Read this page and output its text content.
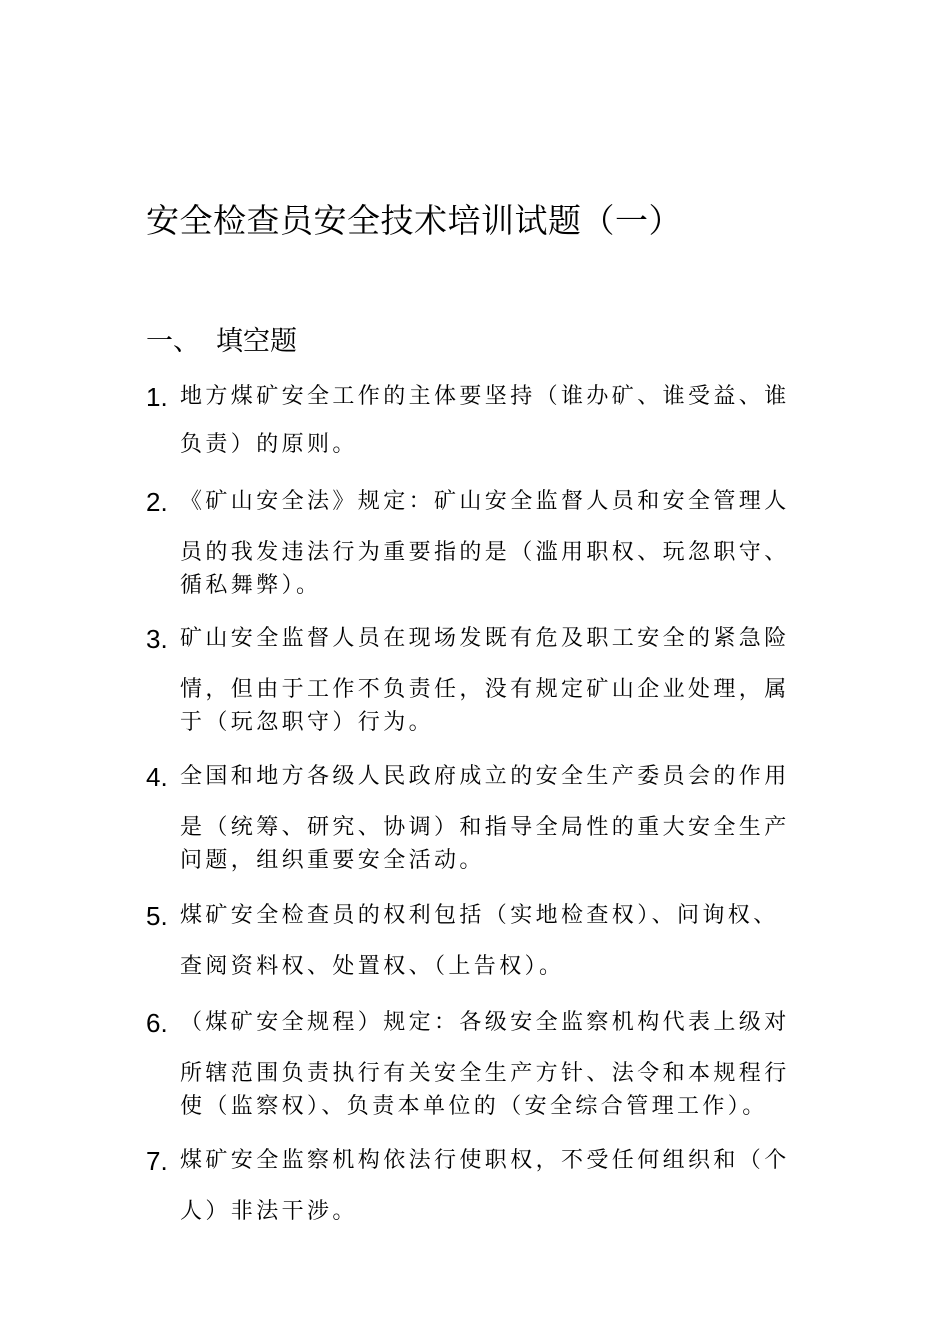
安全检查员安全技术培训试题（一）
一、 填空题
1. 地方煤矿安全工作的主体要坚持（谁办矿、谁受益、谁
负责）的原则。
2. 《矿山安全法》规定：矿山安全监督人员和安全管理人
员的我发违法行为重要指的是（滥用职权、玩忽职守、
循私舞弊）。
3. 矿山安全监督人员在现场发既有危及职工安全的紧急险
情，但由于工作不负责任，没有规定矿山企业处理，属
于（玩忽职守）行为。
4. 全国和地方各级人民政府成立的安全生产委员会的作用
是（统筹、研究、协调）和指导全局性的重大安全生产
问题，组织重要安全活动。
5. 煤矿安全检查员的权利包括（实地检查权）、问询权、
查阅资料权、处置权、（上告权）。
6. （煤矿安全规程）规定：各级安全监察机构代表上级对
所辖范围负责执行有关安全生产方针、法令和本规程行
使（监察权）、负责本单位的（安全综合管理工作）。
7. 煤矿安全监察机构依法行使职权，不受任何组织和（个
人）非法干涉。
